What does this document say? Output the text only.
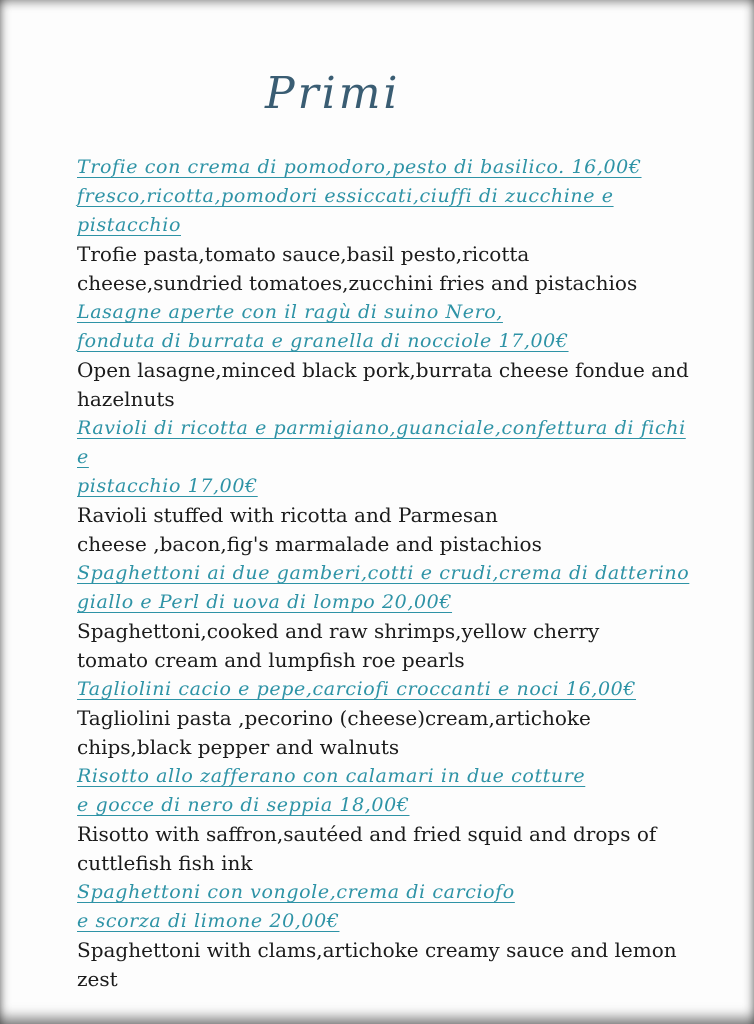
Primi
Trofie con crema di pomodoro,pesto di basilico. 16,00€
fresco,ricotta,pomodori essiccati,ciuffi di zucchine e pistacchio
Trofie pasta,tomato sauce,basil pesto,ricotta
cheese,sundried tomatoes,zucchini fries and pistachios
Lasagne aperte con il ragù di suino Nero,
fonduta di burrata e granella di nocciole 17,00€
Open lasagne,minced black pork,burrata cheese fondue and
hazelnuts
Ravioli di ricotta e parmigiano,guanciale,confettura di fichi e
pistacchio 17,00€
Ravioli stuffed with ricotta and Parmesan
cheese ,bacon,fig's marmalade and pistachios
Spaghettoni ai due gamberi,cotti e crudi,crema di datterino
giallo e Perl di uova di lompo 20,00€
Spaghettoni,cooked and raw shrimps,yellow cherry
tomato cream and lumpfish roe pearls
Tagliolini cacio e pepe,carciofi croccanti e noci 16,00€
Tagliolini pasta ,pecorino (cheese)cream,artichoke
chips,black pepper and walnuts
Risotto allo zafferano con calamari in due cotture
e gocce di nero di seppia 18,00€
Risotto with saffron,sautéed and fried squid and drops of
cuttlefish fish ink
Spaghettoni con vongole,crema di carciofo
e scorza di limone 20,00€
Spaghettoni with clams,artichoke creamy sauce and lemon zest
